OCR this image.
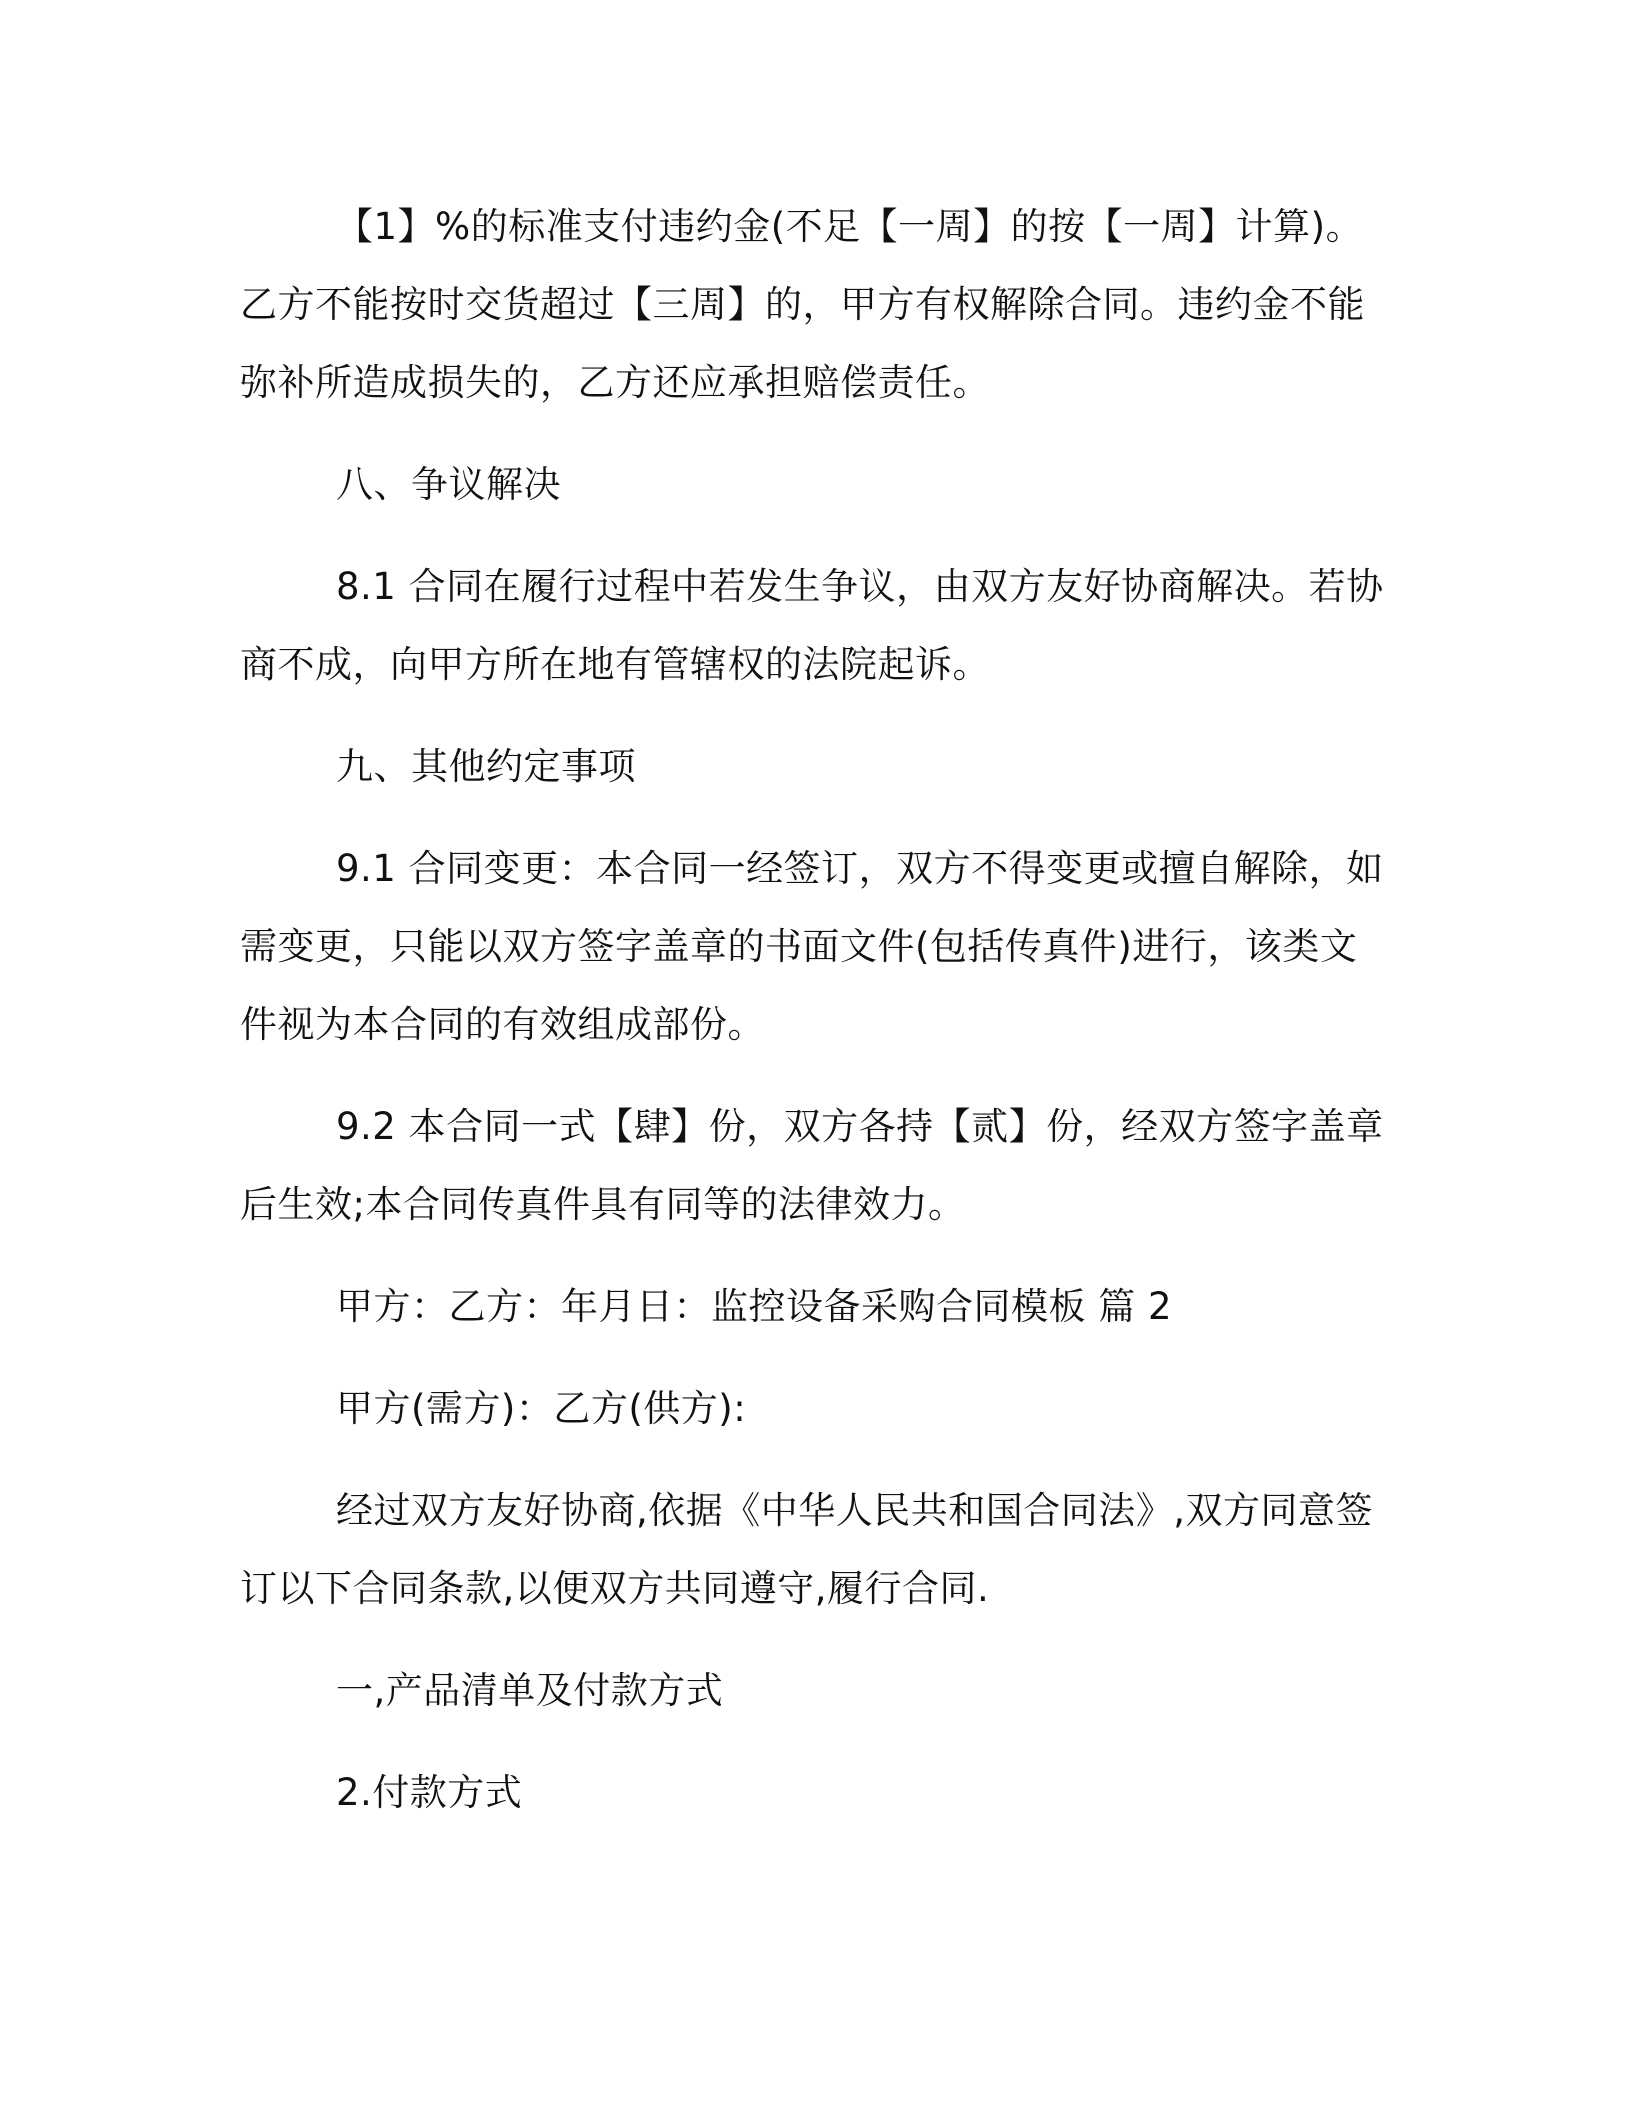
【1】%的标准支付违约金(不足【一周】的按【一周】计算)。乙方不能按时交货超过【三周】的，甲方有权解除合同。违约金不能弥补所造成损失的，乙方还应承担赔偿责任。

八、争议解决

8.1 合同在履行过程中若发生争议，由双方友好协商解决。若协商不成，向甲方所在地有管辖权的法院起诉。

九、其他约定事项

9.1 合同变更：本合同一经签订，双方不得变更或擅自解除，如需变更，只能以双方签字盖章的书面文件(包括传真件)进行，该类文件视为本合同的有效组成部份。

9.2 本合同一式【肆】份，双方各持【贰】份，经双方签字盖章后生效;本合同传真件具有同等的法律效力。

甲方：乙方：年月日：监控设备采购合同模板 篇 2

甲方(需方)：乙方(供方):

经过双方友好协商,依据《中华人民共和国合同法》,双方同意签订以下合同条款,以便双方共同遵守,履行合同.

一,产品清单及付款方式

2.付款方式
